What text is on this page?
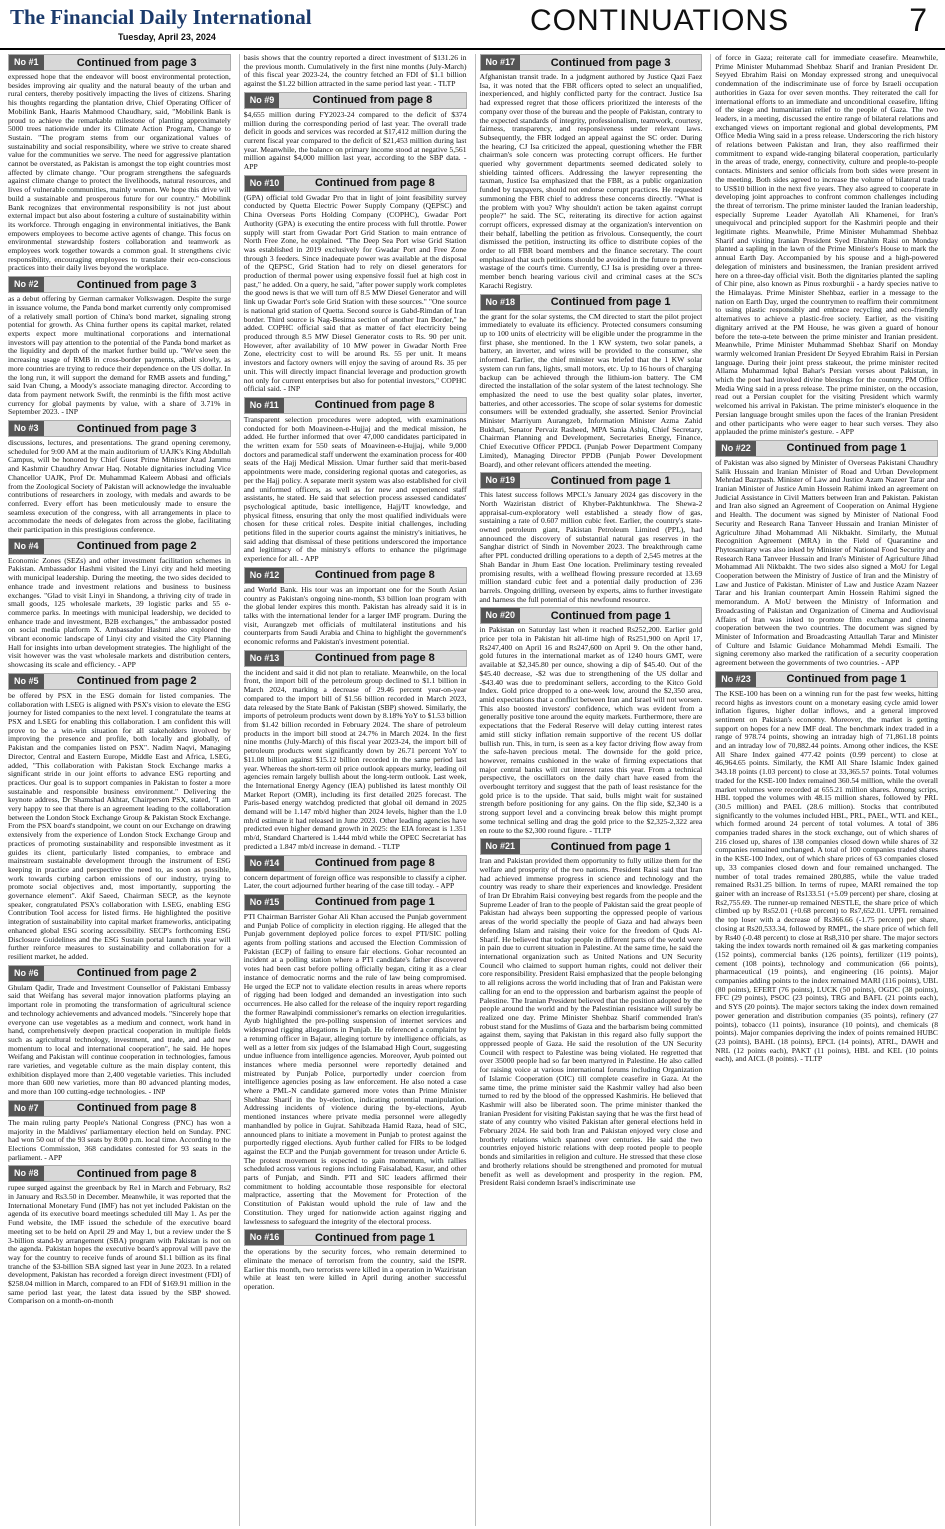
The Financial Daily International
Tuesday, April 23, 2024	CONTINUATIONS	7
No #1	Continued from page 3
expressed hope that the endeavor will boost environmental protection, besides improving air quality and the natural beauty of the urban and rural centers, thereby positively impacting the lives of citizens. Sharing his thoughts regarding the plantation drive, Chief Operating Officer of Mobilink Bank, Haaris Mahmood Chaudhary, said, "Mobilink Bank is proud to achieve the remarkable milestone of planting approximately 5000 trees nationwide under its Climate Action Program, Change to Sustain. "The program stems from our organizational values of sustainability and social responsibility, where we strive to create shared value for the communities we serve. The need for aggressive plantation cannot be overstated, as Pakistan is amongst the top eight countries most affected by climate change. "Our program strengthens the safeguards against climate change to protect the livelihoods, natural resources, and lives of vulnerable communities, mainly women. We hope this drive will build a sustainable and prosperous future for our country." Mobilink Bank recognizes that environmental responsibility is not just about external impact but also about fostering a culture of sustainability within its workforce. Through engaging in environmental initiatives, the Bank empowers employees to become active agents of change. This focus on environmental stewardship fosters collaboration and teamwork as employees work together towards a common goal. It strengthens civic responsibility, encouraging employees to translate their eco-conscious practices into their daily lives beyond the workplace.
No #2	Continued from page 3
as a debut offering by German carmaker Volkswagen. Despite the surge in issuance volume, the Panda bond market currently only compromised of a relatively small portion of China's bond market, signaling strong potential for growth. As China further opens its capital market, related experts expect more multinational corporations and international investors will pay attention to the potential of the Panda bond market as the liquidity and depth of the market further build up. "We've seen the increasing usage of RMB in cross-border payments, albeit slowly, as more countries are trying to reduce their dependence on the US dollar. In the long run, it will support the demand for RMB assets and funding," said Ivan Chung, a Moody's associate managing director. According to data from payment network Swift, the renminbi is the fifth most active currency for global payments by value, with a share of 3.71% in September 2023. - INP
No #3	Continued from page 3
discussions, lectures, and presentations. The grand opening ceremony, scheduled for 9:00 AM at the main auditorium of UAJK's King Abdullah Campus, will be honored by Chief Guest Prime Minister Azad Jammu and Kashmir Chaudhry Anwar Haq. Notable dignitaries including Vice Chancellor UAJK, Prof Dr. Muhammad Kaleem Abbasi and officials from the Zoological Society of Pakistan will acknowledge the invaluable contributions of researchers in zoology, with medals and awards to be conferred. Every effort has been meticulously made to ensure the seamless execution of the congress, with all arrangements in place to accommodate the needs of delegates from across the globe, facilitating their participation in this prestigious conference.
No #4	Continued from page 2
Economic Zones (SEZs) and other investment facilitation schemes in Pakistan. Ambassador Hashmi visited the Linyi city and held meeting with municipal leadership. During the meeting, the two sides decided to enhance trade and investment relations and business to business exchanges. "Glad to visit Linyi in Shandong, a thriving city of trade in small goods, 125 wholesale markets, 39 logistic parks and 55 e-commerce parks. In meetings with municipal leadership, we decided to enhance trade and investment, B2B exchanges," the ambassador posted on social media platform X. Ambassador Hashmi also explored the vibrant economic landscape of Linyi city and visited the City Planning Hall for insights into urban development strategies. The highlight of the visit however was the vast wholesale markets and distribution centers, showcasing its scale and efficiency. - APP
No #5	Continued from page 2
be offered by PSX in the ESG domain for listed companies. The collaboration with LSEG is aligned with PSX's vision to elevate the ESG journey for listed companies to the next level. I congratulate the teams at PSX and LSEG for enabling this collaboration. I am confident this will prove to be a win-win situation for all stakeholders involved by improving the presence and profile, both locally and globally, of Pakistan and the companies listed on PSX". Nadim Naqvi, Managing Director, Central and Eastern Europe, Middle East and Africa, LSEG, added, "This collaboration with Pakistan Stock Exchange marks a significant stride in our joint efforts to advance ESG reporting and practices. Our goal is to support companies in Pakistan to foster a more sustainable and responsible business environment." Delivering the keynote address, Dr Shamshad Akhtar, Chairperson PSX, stated, "I am very happy to see that there is an agreement leading to the collaboration between the London Stock Exchange Group & Pakistan Stock Exchange. From the PSX board's standpoint, we count on our Exchange on drawing extensively from the experience of London Stock Exchange Group and practices of promoting sustainability and responsible investment as it guides its client, particularly listed companies, to embrace and mainstream sustainable development through the instrument of ESG keeping in practice and perspective the need to, as soon as possible, work towards curbing carbon emissions of our industry, trying to promote social objectives and, most importantly, supporting the governance element". Akif Saeed, Chairman SECP, as the keynote speaker, congratulated PSX's collaboration with LSEG, enabling ESG Contribution Tool access for listed firms. He highlighted the positive integration of sustainability into capital market frameworks, anticipating enhanced global ESG scoring accessibility. SECP's forthcoming ESG Disclosure Guidelines and the ESG Sustain portal launch this year will further reinforce measures to sustainability and collaboration for a resilient market, he added.
No #6	Continued from page 2
Ghulam Qadir, Trade and Investment Counsellor of Pakistani Embassy said that Weifang has several major innovation platforms playing an important role in promoting the transformation of agricultural science and technology achievements and advanced models. "Sincerely hope that everyone can use vegetables as a medium and connect, work hand in hand, comprehensively deepen practical cooperation in multiple fields such as agricultural technology, investment, and trade, and add new momentum to local and international cooperation", he said. He hopes Weifang and Pakistan will continue cooperation in technologies, famous rare varieties, and vegetable culture as the main display content, this exhibition displayed more than 2,400 vegetable varieties. This included more than 600 new varieties, more than 80 advanced planting modes, and more than 100 cutting-edge technologies. - INP
No #7	Continued from page 8
The main ruling party People's National Congress (PNC) has won a majority in the Maldives' parliamentary election held on Sunday. PNC had won 50 out of the 93 seats by 8:00 p.m. local time. According to the Elections Commission, 368 candidates contested for 93 seats in the parliament. - APP
No #8	Continued from page 8
rupee surged against the greenback by Re1 in March and February, Rs2 in January and Rs3.50 in December. Meanwhile, it was reported that the International Monetary Fund (IMF) has not yet included Pakistan on the agenda of its executive board meetings scheduled till May 1. As per the Fund website, the IMF issued the schedule of the executive board meeting set to be held on April 29 and May 1, but a review under the $ 3-billion stand-by arrangement (SBA) program with Pakistan is not on the agenda. Pakistan hopes the executive board's approval will pave the way for the country to receive funds of around $1.1 billion as its final tranche of the $3-billion SBA signed last year in June 2023. In a related development, Pakistan has recorded a foreign direct investment (FDI) of $258.04 million in March, compared to an FDI of $169.91 million in the same period last year, the latest data issued by the SBP showed. Comparison on a month-on-month
basis shows that the country reported a direct investment of $131.26 in the previous month. Cumulatively in the first nine months (July-March) of this fiscal year 2023-24, the country fetched an FDI of $1.1 billion against the $1.22 billion attracted in the same period last year. - TLTP
No #9	Continued from page 8
$4,655 million during FY2023-24 compared to the deficit of $374 million during the corresponding period of last year. The overall trade deficit in goods and services was recorded at $17,412 million during the current fiscal year compared to the deficit of $21,453 million during last year. Meanwhile, the balance on primary income stood at negative 5,561 million against $4,000 million last year, according to the SBP data. - APP
No #10	Continued from page 8
(GPA) official told Gwadar Pro that in light of joint feasibility survey conducted by Quetta Electric Power Supply Company (QEPSC) and China Overseas Ports Holding Company (COPHC), Gwadar Port Authority (GPA) is executing the entire process with full throttle. Power supply will start from Gwadar Port Grid Station to main entrance of North Free Zone, he explained. "The Deep Sea Port wise Grid Station was established in 2019 exclusively for Gwadar Port and Free Zone through 3 feeders. Since inadequate power was available at the disposal of the QEPSC, Grid Station had to rely on diesel generators for production of thermal power using expensive fossil fuel at high cost in past," he added. On a query, he said, "after power supply work completes the good news is that we will turn off 8.5 MW Diesel Generator and will link up Gwadar Port's sole Grid Station with these sources." "One source is national grid station of Quetta. Second source is Gabd-Rimdan of Iran border. Third source is Nag-Besima section of another Iran Border," he added. COPHC official said that as matter of fact electricity being produced through 8.5 MW Diesel Generator costs to Rs. 90 per unit. However, after availability of 10 MW power in Gwadar North Free Zone, electricity cost to will be around Rs. 55 per unit. It means investors and factory owners will enjoy the saving of around Rs. 35 per unit. This will directly impact financial leverage and production growth not only for current enterprises but also for potential investors," COPHC official said. - INP
No #11	Continued from page 8
Transparent selection procedures were adopted, with examinations conducted for both Moavineen-e-Hujjaj and the medical mission, he added. He further informed that over 47,000 candidates participated in the written exam for 550 seats of Moavineen-e-Hujjaj, while 9,000 doctors and paramedical staff underwent the examination process for 400 seats of the Hajj Medical Mission. Umar further said that merit-based appointments were made, considering regional quotas and categories, as per the Hajj policy. A separate merit system was also established for civil and uniformed officers, as well as for new and experienced staff assistants, he stated. He said that selection process assessed candidates' psychological aptitude, basic intelligence, Hajj/IT knowledge, and physical fitness, ensuring that only the most qualified individuals were chosen for these critical roles. Despite initial challenges, including petitions filed in the superior courts against the ministry's initiatives, he said adding that dismissal of these petitions underscored the importance and legitimacy of the ministry's efforts to enhance the pilgrimage experience for all. - APP
No #12	Continued from page 8
and World Bank. His tour was an important one for the South Asian country as Pakistan's ongoing nine-month, $3 billion loan program with the global lender expires this month. Pakistan has already said it is in talks with the international lender for a larger IMF program. During the visit, Aurangzeb met officials of multilateral institutions and his counterparts from Saudi Arabia and China to highlight the government's economic reforms and Pakistan's investment potential.
No #13	Continued from page 8
the incident and said it did not plan to retaliate. Meanwhile, on the local front, the import bill of the petroleum group declined to $1.1 billion in March 2024, marking a decrease of 29.46 percent year-on-year compared to the import bill of $1.56 billion recorded in March 2023, data released by the State Bank of Pakistan (SBP) showed. Similarly, the imports of petroleum products went down by 8.18% YoY to $1.53 billion from $1.42 billion recorded in February 2024. The share of petroleum products in the import bill stood at 24.7% in March 2024. In the first nine months (July-March) of this fiscal year 2023-24, the import bill of petroleum products went significantly down by 26.71 percent YoY to $11.08 billion against $15.12 billion recorded in the same period last year. Whereas the short-term oil price outlook appears murky, leading oil agencies remain largely bullish about the long-term outlook. Last week, the International Energy Agency (IEA) published its latest monthly Oil Market Report (OMR), including its first detailed 2025 forecast. The Paris-based energy watchdog predicted that global oil demand in 2025 demand will be 1.147 mb/d higher than 2024 levels, higher than the 1.0 mb/d estimate it had released in June 2023. Other leading agencies have predicted even higher demand growth in 2025: the EIA forecast is 1.351 mb/d, Standard Chartered is 1.444 mb/d while the OPEC Secretariat has predicted a 1.847 mb/d increase in demand. - TLTP
No #14	Continued from page 8
concern department of foreign office was responsible to classify a cipher. Later, the court adjourned further hearing of the case till today. - APP
No #15	Continued from page 1
PTI Chairman Barrister Gohar Ali Khan accused the Punjab government and Punjab Police of complicity in election rigging. He alleged that the Punjab government deployed police forces to expel PTI/SIC polling agents from polling stations and accused the Election Commission of Pakistan (ECP) of failing to ensure fair elections. Gohar recounted an incident at a polling station where a PTI candidate's father discovered votes had been cast before polling officially began, citing it as a clear instance of democratic norms and the rule of law being compromised. He urged the ECP not to validate election results in areas where reports of rigging had been lodged and demanded an investigation into such occurrences. He also called for the release of the inquiry report regarding the former Rawalpindi commissioner's remarks on election irregularities. Ayub highlighted the pre-polling suspension of internet services and widespread rigging allegations in Punjab. He referenced a complaint by a returning officer in Bajaur, alleging torture by intelligence officials, as well as a letter from six judges of the Islamabad High Court, suggesting undue influence from intelligence agencies. Moreover, Ayub pointed out instances where media personnel were reportedly detained and mistreated by Punjab Police, purportedly under coercion from intelligence agencies posing as law enforcement. He also noted a case where a PML-N candidate garnered more votes than Prime Minister Shehbaz Sharif in the by-election, indicating potential manipulation. Addressing incidents of violence during the by-elections, Ayub mentioned instances where private media personnel were allegedly manhandled by police in Gujrat. Sahibzada Hamid Raza, head of SIC, announced plans to initiate a movement in Punjab to protest against the purportedly rigged elections. Ayub further called for FIRs to be lodged against the ECP and the Punjab government for treason under Article 6. The protest movement is expected to gain momentum, with rallies scheduled across various regions including Faisalabad, Kasur, and other parts of Punjab, and Sindh. PTI and SIC leaders affirmed their commitment to holding accountable those responsible for electoral malpractice, asserting that the Movement for Protection of the Constitution of Pakistan would uphold the rule of law and the Constitution. They urged for nationwide action against rigging and lawlessness to safeguard the integrity of the electoral process.
No #16	Continued from page 1
the operations by the security forces, who remain determined to eliminate the menace of terrorism from the country, said the ISPR. Earlier this month, two terrorists were killed in a operation in Waziristan while at least ten were killed in April during another successful operation.
No #17	Continued from page 3
Afghanistan transit trade. In a judgment authored by Justice Qazi Faez Isa, it was noted that the FBR officers opted to select an unqualified, inexperienced, and highly conflicted party for the contract. Justice Isa had expressed regret that those officers prioritized the interests of the company over those of the bureau and the people of Pakistan, contrary to the expected standards of integrity, professionalism, teamwork, courtesy, fairness, transparency, and responsiveness under relevant laws. Subsequently, the FBR lodged an appeal against the SC order. During the hearing, CJ Isa criticized the appeal, questioning whether the FBR chairman's sole concern was protecting corrupt officers. He further queried why government departments seemed dedicated solely to shielding tainted officers. Addressing the lawyer representing the taxman, Justice Isa emphasized that the FBR, as a public organization funded by taxpayers, should not endorse corrupt practices. He requested summoning the FBR chief to address these concerns directly. "What is the problem with you? Why shouldn't action be taken against corrupt people?" he said. The SC, reiterating its directive for action against corrupt officers, expressed dismay at the organization's intervention on their behalf, labelling the petition as frivolous. Consequently, the court dismissed the petition, instructing its office to distribute copies of the order to all FBR board members and the finance secretary. The court emphasized that such petitions should be avoided in the future to prevent wastage of the court's time. Currently, CJ Isa is presiding over a three-member bench hearing various civil and criminal cases at the SC's Karachi Registry.
No #18	Continued from page 1
the grant for the solar systems, the CM directed to start the pilot project immediately to evaluate its efficiency. Protected consumers consuming up to 100 units of electricity will be eligible under the programme in the first phase, she mentioned. In the 1 KW system, two solar panels, a battery, an inverter, and wires will be provided to the consumer, she informed. Earlier, the chief minister was briefed that the 1 KW solar system can run fans, lights, small motors, etc. Up to 16 hours of charging backup can be achieved through the lithium-ion battery. The CM directed the installation of the solar system of the latest technology. She emphasized the need to use the best quality solar plates, inverter, batteries, and other accessories. The scope of solar systems for domestic consumers will be extended gradually, she asserted. Senior Provincial Minister Marriyum Aurangzeb, Information Minister Azma Zahid Bukhari, Senator Pervaiz Rasheed, MPA Sania Ashiq, Chief Secretary, Chairman Planning and Development, Secretaries Energy, Finance, Chief Executive Officer PPDCL (Punjab Power Department Company Limited), Managing Director PPDB (Punjab Power Development Board), and other relevant officers attended the meeting.
No #19	Continued from page 1
This latest success follows MPCL's January 2024 gas discovery in the North Waziristan district of Khyber-Pakhtunkhwa. The Shewa-2 appraisal-cum-exploratory well established a steady flow of gas, sustaining a rate of 0.607 million cubic feet. Earlier, the country's state-owned petroleum giant, Pakistan Petroleum Limited (PPL), had announced the discovery of substantial natural gas reserves in the Sanghar district of Sindh in November 2023. The breakthrough came after PPL conducted drilling operations to a depth of 2,545 metres at the Shah Bandar in Jhum East One location. Preliminary testing revealed promising results, with a wellhead flowing pressure recorded at 13.69 million standard cubic feet and a potential daily production of 236 barrels. Ongoing drilling, overseen by experts, aims to further investigate and harness the full potential of this newfound resource.
No #20	Continued from page 1
in Pakistan on Saturday last when it reached Rs252,200. Earlier gold price per tola in Pakistan hit all-time high of Rs251,900 on April 17, Rs247,400 on April 16 and Rs247,600 on April 9. On the other hand, gold futures in the international market as of 1240 hours GMT, were available at $2,345.80 per ounce, showing a dip of $45.40. Out of the $45.40 decrease, -$2 was due to strengthening of the US dollar and -$43.40 was due to predominant sellers, according to the Kitco Gold Index. Gold price dropped to a one-week low, around the $2,350 area, amid expectations that a conflict between Iran and Israel will not worsen. This also boosted investors' confidence, which was evident from a generally positive tone around the equity markets. Furthermore, there are expectations that the Federal Reserve will delay cutting interest rates amid still sticky inflation remain supportive of the recent US dollar bullish run. This, in turn, is seen as a key factor driving flow away from the safe-haven precious metal. The downside for the gold price, however, remains cushioned in the wake of firming expectations that major central banks will cut interest rates this year. From a technical perspective, the oscillators on the daily chart have eased from the overbought territory and suggest that the path of least resistance for the gold price is to the upside. That said, bulls might wait for sustained strength before positioning for any gains. On the flip side, $2,340 is a strong support level and a convincing break below this might prompt some technical selling and drag the gold price to the $2,325-2,322 area en route to the $2,300 round figure. - TLTP
No #21	Continued from page 1
Iran and Pakistan provided them opportunity to fully utilize them for the welfare and prosperity of the two nations. President Raisi said that Iran had achieved immense progress in science and technology and the country was ready to share their experiences and knowledge. President of Iran Dr Ebrahim Raisi conveying best regards from the people and the Supreme Leader of Iran to the people of Pakistan said the great people of Pakistan had always been supporting the oppressed people of various areas of the world specially the people of Gaza and had always been defending Islam and raising their voice for the freedom of Quds Al-Sharif. He believed that today people in different parts of the world were in pain due to current situation in Palestine. At the same time, he said the international organization such as United Nations and UN Security Council who claimed to support human rights, could not deliver their core responsibility. President Raisi emphasized that the people belonging to all religions across the world including that of Iran and Pakistan were calling for an end to the oppression and barbarism against the people of Palestine. The Iranian President believed that the position adopted by the people around the world and by the Palestinian resistance will surely be realized one day. Prime Minister Shehbaz Sharif commended Iran's robust stand for the Muslims of Gaza and the barbarism being committed against them, saying that Pakistan in this regard also fully support the oppressed people of Gaza. He said the resolution of the UN Security Council with respect to Palestine was being violated. He regretted that over 35000 people had so far been martyred in Palestine. He also called for raising voice at various international forums including Organization of Islamic Cooperation (OIC) till complete ceasefire in Gaza. At the same time, the prime minister said the Kashmir valley had also been turned to red by the blood of the oppressed Kashmiris. He believed that Kashmir will also be liberated soon. The prime minister thanked the Iranian President for visiting Pakistan saying that he was the first head of state of any country who visited Pakistan after general elections held in February 2024. He said both Iran and Pakistan enjoyed very close and brotherly relations which spanned over centuries. He said the two countries enjoyed historic relations with deep rooted people to people bonds and similarities in religion and culture. He stressed that these close and brotherly relations should be strengthened and promoted for mutual benefit as well as development and prosperity in the region. PM, President Raisi condemn Israel's indiscriminate use
of force in Gaza; reiterate call for immediate ceasefire. Meanwhile, Prime Minister Muhammad Shehbaz Sharif and Iranian President Dr. Seyyed Ebrahim Raisi on Monday expressed strong and unequivocal condemnation of the indiscriminate use of force by Israeli occupation authorities in Gaza for over seven months. They reiterated the call for international efforts to an immediate and unconditional ceasefire, lifting of the siege and humanitarian relief to the people of Gaza. The two leaders, in a meeting, discussed the entire range of bilateral relations and exchanged views on important regional and global developments, PM Office Media Wing said in a press release. Underscoring the rich history of relations between Pakistan and Iran, they also reaffirmed their commitment to expand wide-ranging bilateral cooperation, particularly in the areas of trade, energy, connectivity, culture and people-to-people contacts. Ministers and senior officials from both sides were present in the meeting. Both sides agreed to increase the volume of bilateral trade to US$10 billion in the next five years. They also agreed to cooperate in developing joint approaches to confront common challenges including the threat of terrorism. The prime minister lauded the Iranian leadership, especially Supreme Leader Ayatollah Ali Khamenei, for Iran's unequivocal and principled support for the Kashmiri people and their legitimate rights. Meanwhile, Prime Minister Muhammad Shehbaz Sharif and visiting Iranian President Syed Ebrahim Raisi on Monday planted a sapling in the lawn of the Prime Minister's House to mark the annual Earth Day. Accompanied by his spouse and a high-powered delegation of ministers and businessmen, the Iranian president arrived here on a three-day official visit. Both the dignitaries planted the sapling of Chir pine, also known as Pinus roxburghii - a hardy species native to the Himalayas. Prime Minister Shehbaz, earlier in a message to the nation on Earth Day, urged the countrymen to reaffirm their commitment to using plastic responsibly and embrace recycling and eco-friendly alternatives to achieve a plastic-free society. Earlier, as the visiting dignitary arrived at the PM House, he was given a guard of honour before the tete-a-tete between the prime minister and Iranian president. Meanwhile, Prime Minister Muhammad Shehbaz Sharif on Monday warmly welcomed Iranian President Dr Seyyed Ebrahim Raisi in Persian language. During their joint press stakeout, the prime minister recited Allama Muhammad Iqbal Bahar's Persian verses about Pakistan, in which the poet had invoked divine blessings for the country, PM Office Media Wing said in a press release. The prime minister, on the occasion, read out a Persian couplet for the visiting President which warmly welcomed his arrival in Pakistan. The prime minister's eloquence in the Persian language brought smiles upon the faces of the Iranian President and other participants who were eager to hear such verses. They also applauded the prime minister's gesture. - APP
No #22	Continued from page 1
of Pakistan was also signed by Minister of Overseas Pakistani Chaudhry Salik Hussain and Iranian Minister of Road and Urban Development Mehrdad Bazrpash. Minister of Law and Justice Azam Nazeer Tarar and Iranian Minister of Justice Amin Hossein Rahimi inked an agreement on Judicial Assistance in Civil Matters between Iran and Pakistan. Pakistan and Iran also signed an Agreement of Cooperation on Animal Hygiene and Health. The document was signed by Minister of National Food Security and Research Rana Tanveer Hussain and Iranian Minister of Agriculture Jihad Mohammad Ali Nikbakht. Similarly, the Mutual Recognition Agreement (MRA) in the Field of Quarantine and Phytosanitary was also inked by Minister of National Food Security and Research Rana Tanveer Hussain and Iran's Minister of Agriculture Jihad Mohammad Ali Nikbakht. The two sides also signed a MoU for Legal Cooperation between the Ministry of Justice of Iran and the Ministry of Law and Justice of Pakistan. Minister of Law and Justice Azam Nazeer Tarar and his Iranian counterpart Amin Hossein Rahimi signed the memorandum. A MoU between the Ministry of Information and Broadcasting of Pakistan and Organization of Cinema and Audiovisual Affairs of Iran was inked to promote film exchange and cinema cooperation between the two countries. The document was signed by Minister of Information and Broadcasting Attaullah Tarar and Minister of Culture and Islamic Guidance Mohammad Mehdi Esmaili. The signing ceremony also marked the ratification of a security cooperation agreement between the governments of two countries. - APP
No #23	Continued from page 1
The KSE-100 has been on a winning run for the past few weeks, hitting record highs as investors count on a monetary easing cycle amid lower inflation figures, higher dollar inflows, and a general improved sentiment on Pakistan's economy. Moreover, the market is getting support on hopes for a new IMF deal. The benchmark index traded in a range of 978.74 points, showing an intraday high of 71,861.18 points and an intraday low of 70,882.44 points. Among other indices, the KSE All Share Index gained 477.42 points (0.99 percent) to close at 46,964.65 points. Similarly, the KMI All Share Islamic Index gained 343.18 points (1.03 percent) to close at 33,365.57 points. Total volumes traded for the KSE-100 Index remained 360.54 million, while the overall market volumes were recorded at 655.21 million shares. Among scrips, HBL topped the volumes with 48.15 million shares, followed by PRL (30.5 million) and PAEL (28.6 million). Stocks that contributed significantly to the volumes included HBL, PRL, PAEL, WTL and KEL, which formed around 24 percent of total volumes. A total of 386 companies traded shares in the stock exchange, out of which shares of 216 closed up, shares of 138 companies closed down while shares of 32 companies remained unchanged. A total of 100 companies traded shares in the KSE-100 Index, out of which share prices of 63 companies closed up, 33 companies closed down and four remained unchanged. The number of total trades remained 280,885, while the value traded remained Rs31.25 billion. In terms of rupee, MARI remained the top gainer with an increase of Rs133.51 (+5.09 percent) per share, closing at Rs2,755.69. The runner-up remained NESTLE, the share price of which climbed up by Rs52.01 (+0.68 percent) to Rs7,652.01. UPFL remained the top loser with a decrease of Rs366.66 (-1.75 percent) per share, closing at Rs20,533.34, followed by RMPL, the share price of which fell by Rs40 (-0.48 percent) to close at Rs8,310 per share. The major sectors taking the index towards north remained oil & gas marketing companies (152 points), commercial banks (126 points), fertilizer (119 points), cement (108 points), technology and communication (66 points), pharmaceutical (19 points), and engineering (16 points). Major companies adding points to the index remained MARI (116 points), UBL (80 points), EFERT (76 points), LUCK (50 points), OGDC (38 points), FFC (29 points), PSOC (23 points), TRG and BAFL (21 points each), and SYS (20 points). The major sectors taking the index down remained power generation and distribution companies (35 points), refinery (27 points), tobacco (11 points), insurance (10 points), and chemicals (8 points). Major companies depriving the index of points remained HUBC (23 points), BAHL (18 points), EPCL (14 points), ATRL, DAWH and NRL (12 points each), PAKT (11 points), HBL and KEL (10 points each), and AICL (8 points). - TLTP
